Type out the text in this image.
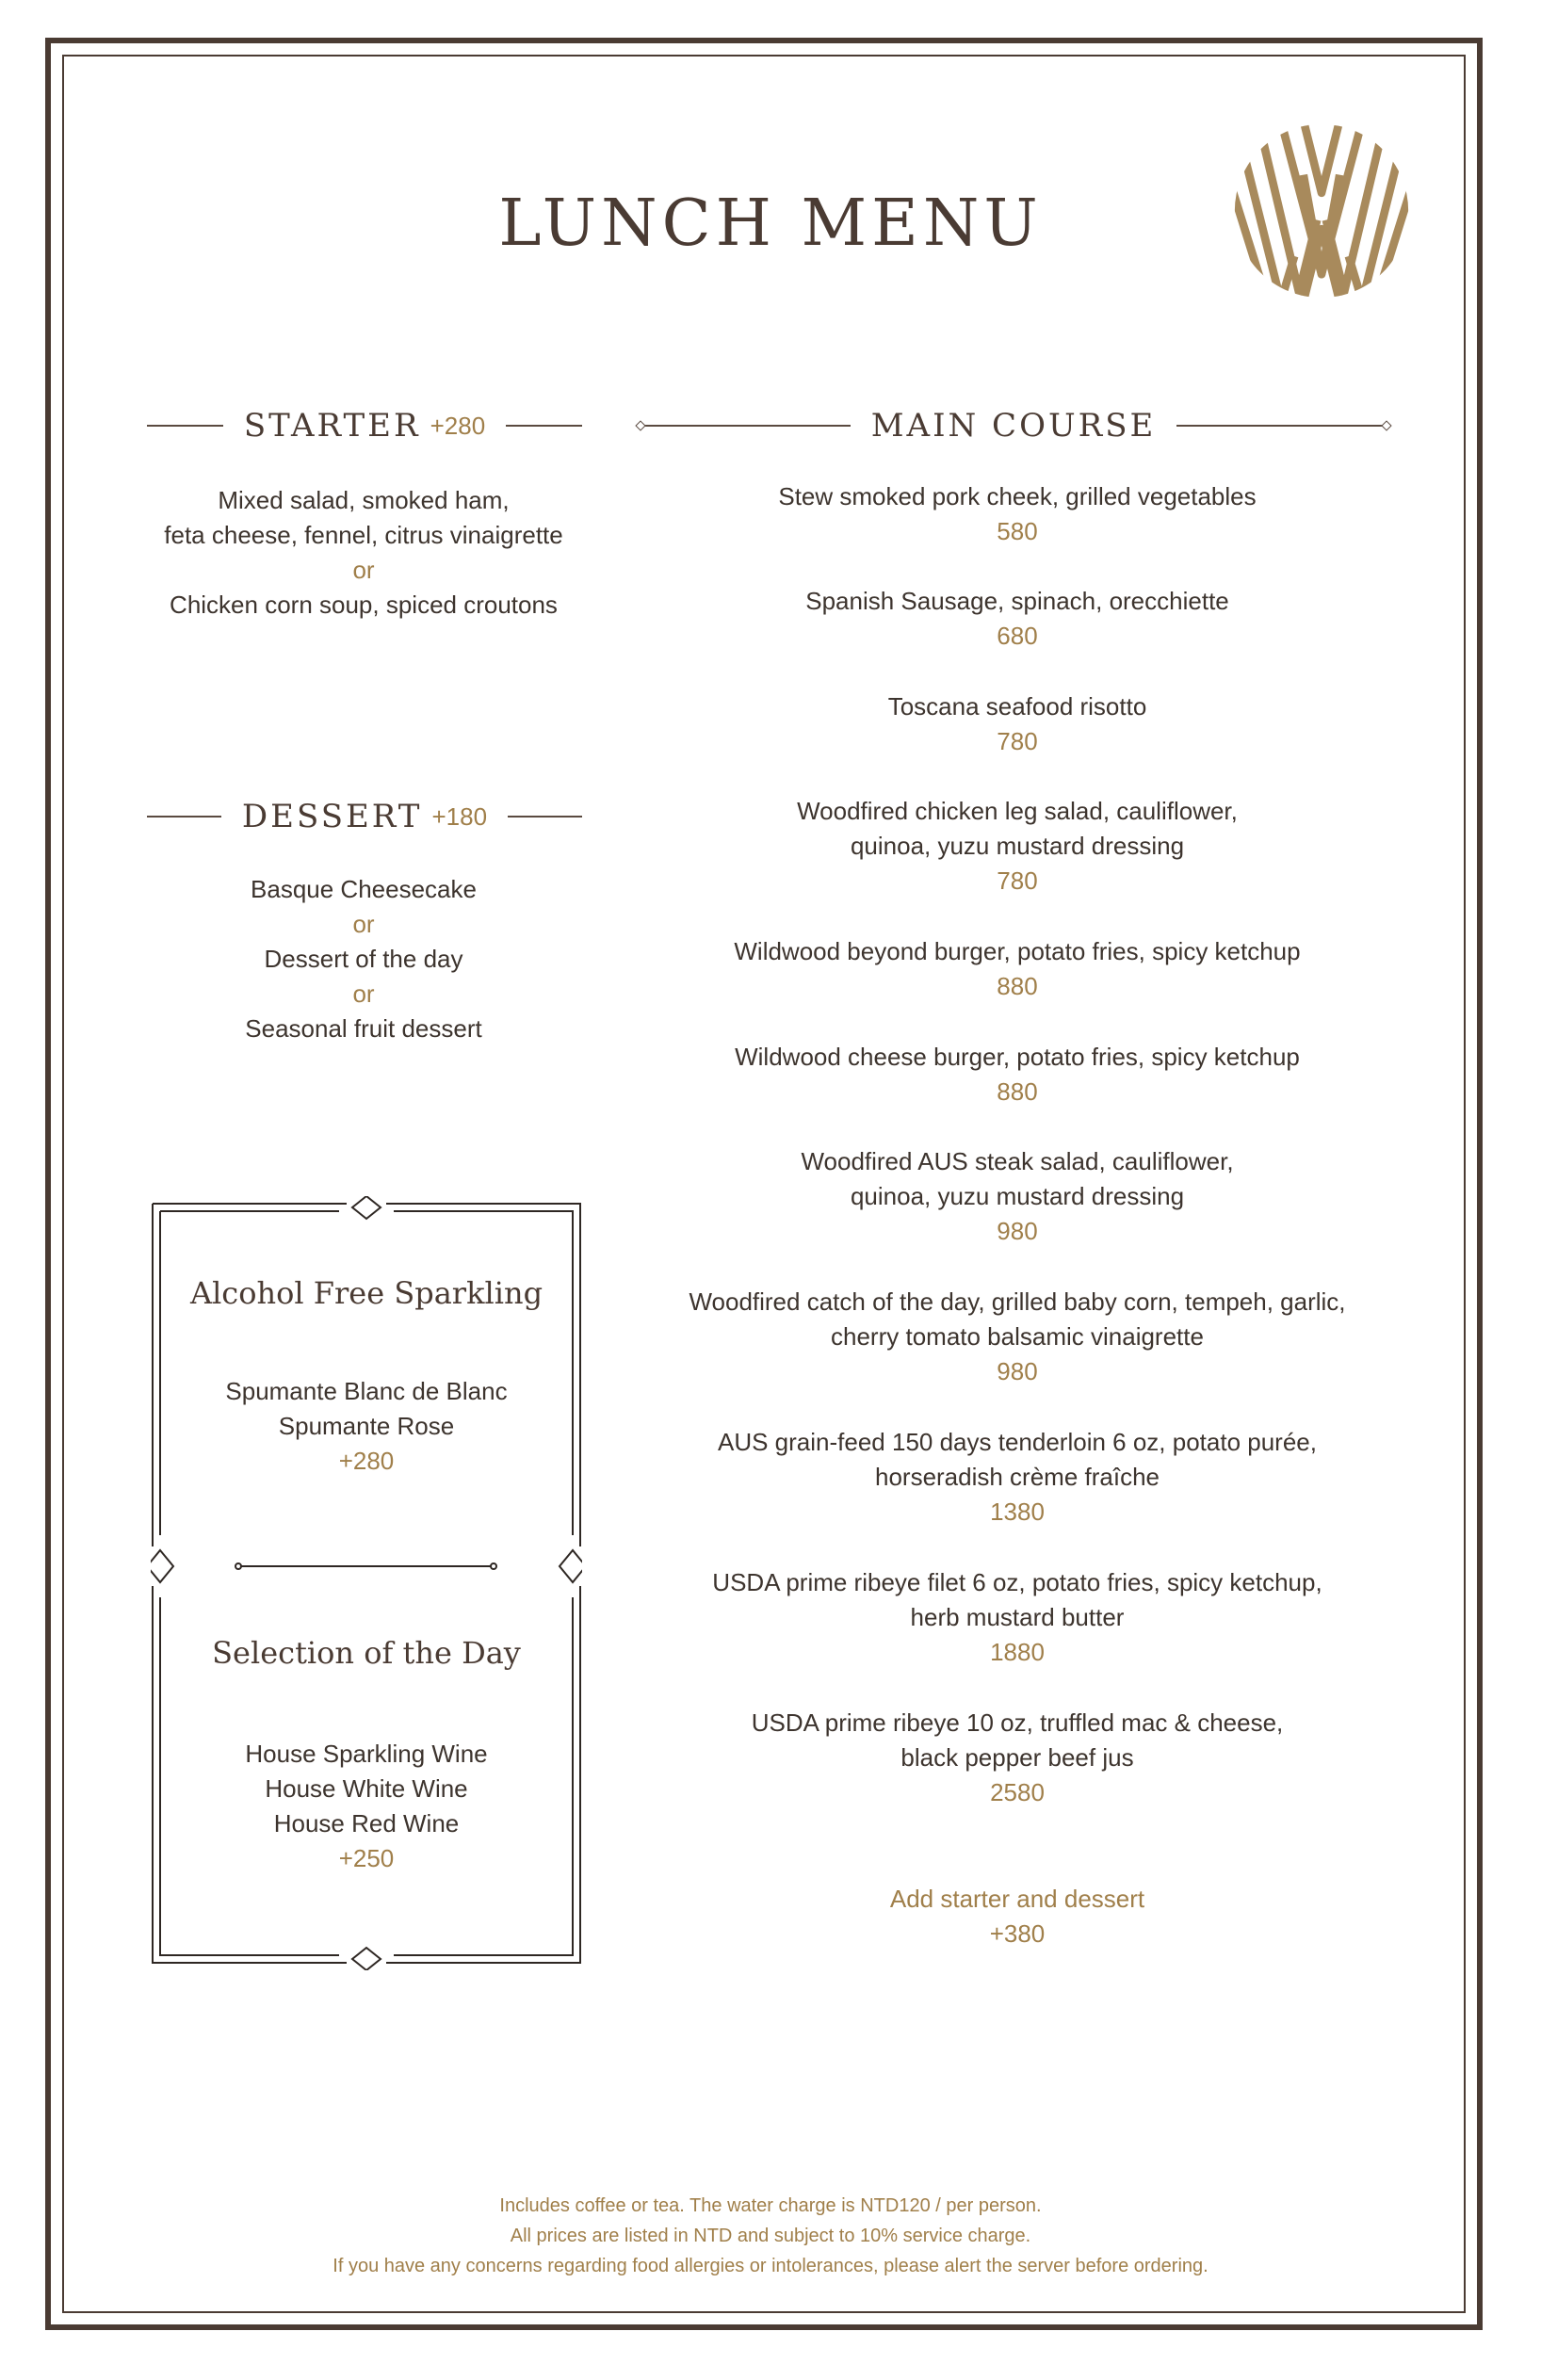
LUNCH MENU
STARTER +280
Mixed salad, smoked ham,
feta cheese, fennel, citrus vinaigrette
or
Chicken corn soup, spiced croutons
DESSERT +180
Basque Cheesecake
or
Dessert of the day
or
Seasonal fruit dessert
Alcohol Free Sparkling
Spumante Blanc de Blanc
Spumante Rose
+280
Selection of the Day
House Sparkling Wine
House White Wine
House Red Wine
+250
MAIN COURSE
Stew smoked pork cheek, grilled vegetables
580
Spanish Sausage, spinach, orecchiette
680
Toscana seafood risotto
780
Woodfired chicken leg salad, cauliflower,
quinoa, yuzu mustard dressing
780
Wildwood beyond burger, potato fries, spicy ketchup
880
Wildwood cheese burger, potato fries, spicy ketchup
880
Woodfired AUS steak salad, cauliflower,
quinoa, yuzu mustard dressing
980
Woodfired catch of the day, grilled baby corn, tempeh, garlic,
cherry tomato balsamic vinaigrette
980
AUS grain-feed 150 days tenderloin 6 oz, potato purée,
horseradish crème fraîche
1380
USDA prime ribeye filet 6 oz, potato fries, spicy ketchup,
herb mustard butter
1880
USDA prime ribeye 10 oz, truffled mac & cheese,
black pepper beef jus
2580
Add starter and dessert
+380
Includes coffee or tea. The water charge is NTD120 / per person.
All prices are listed in NTD and subject to 10% service charge.
If you have any concerns regarding food allergies or intolerances, please alert the server before ordering.
